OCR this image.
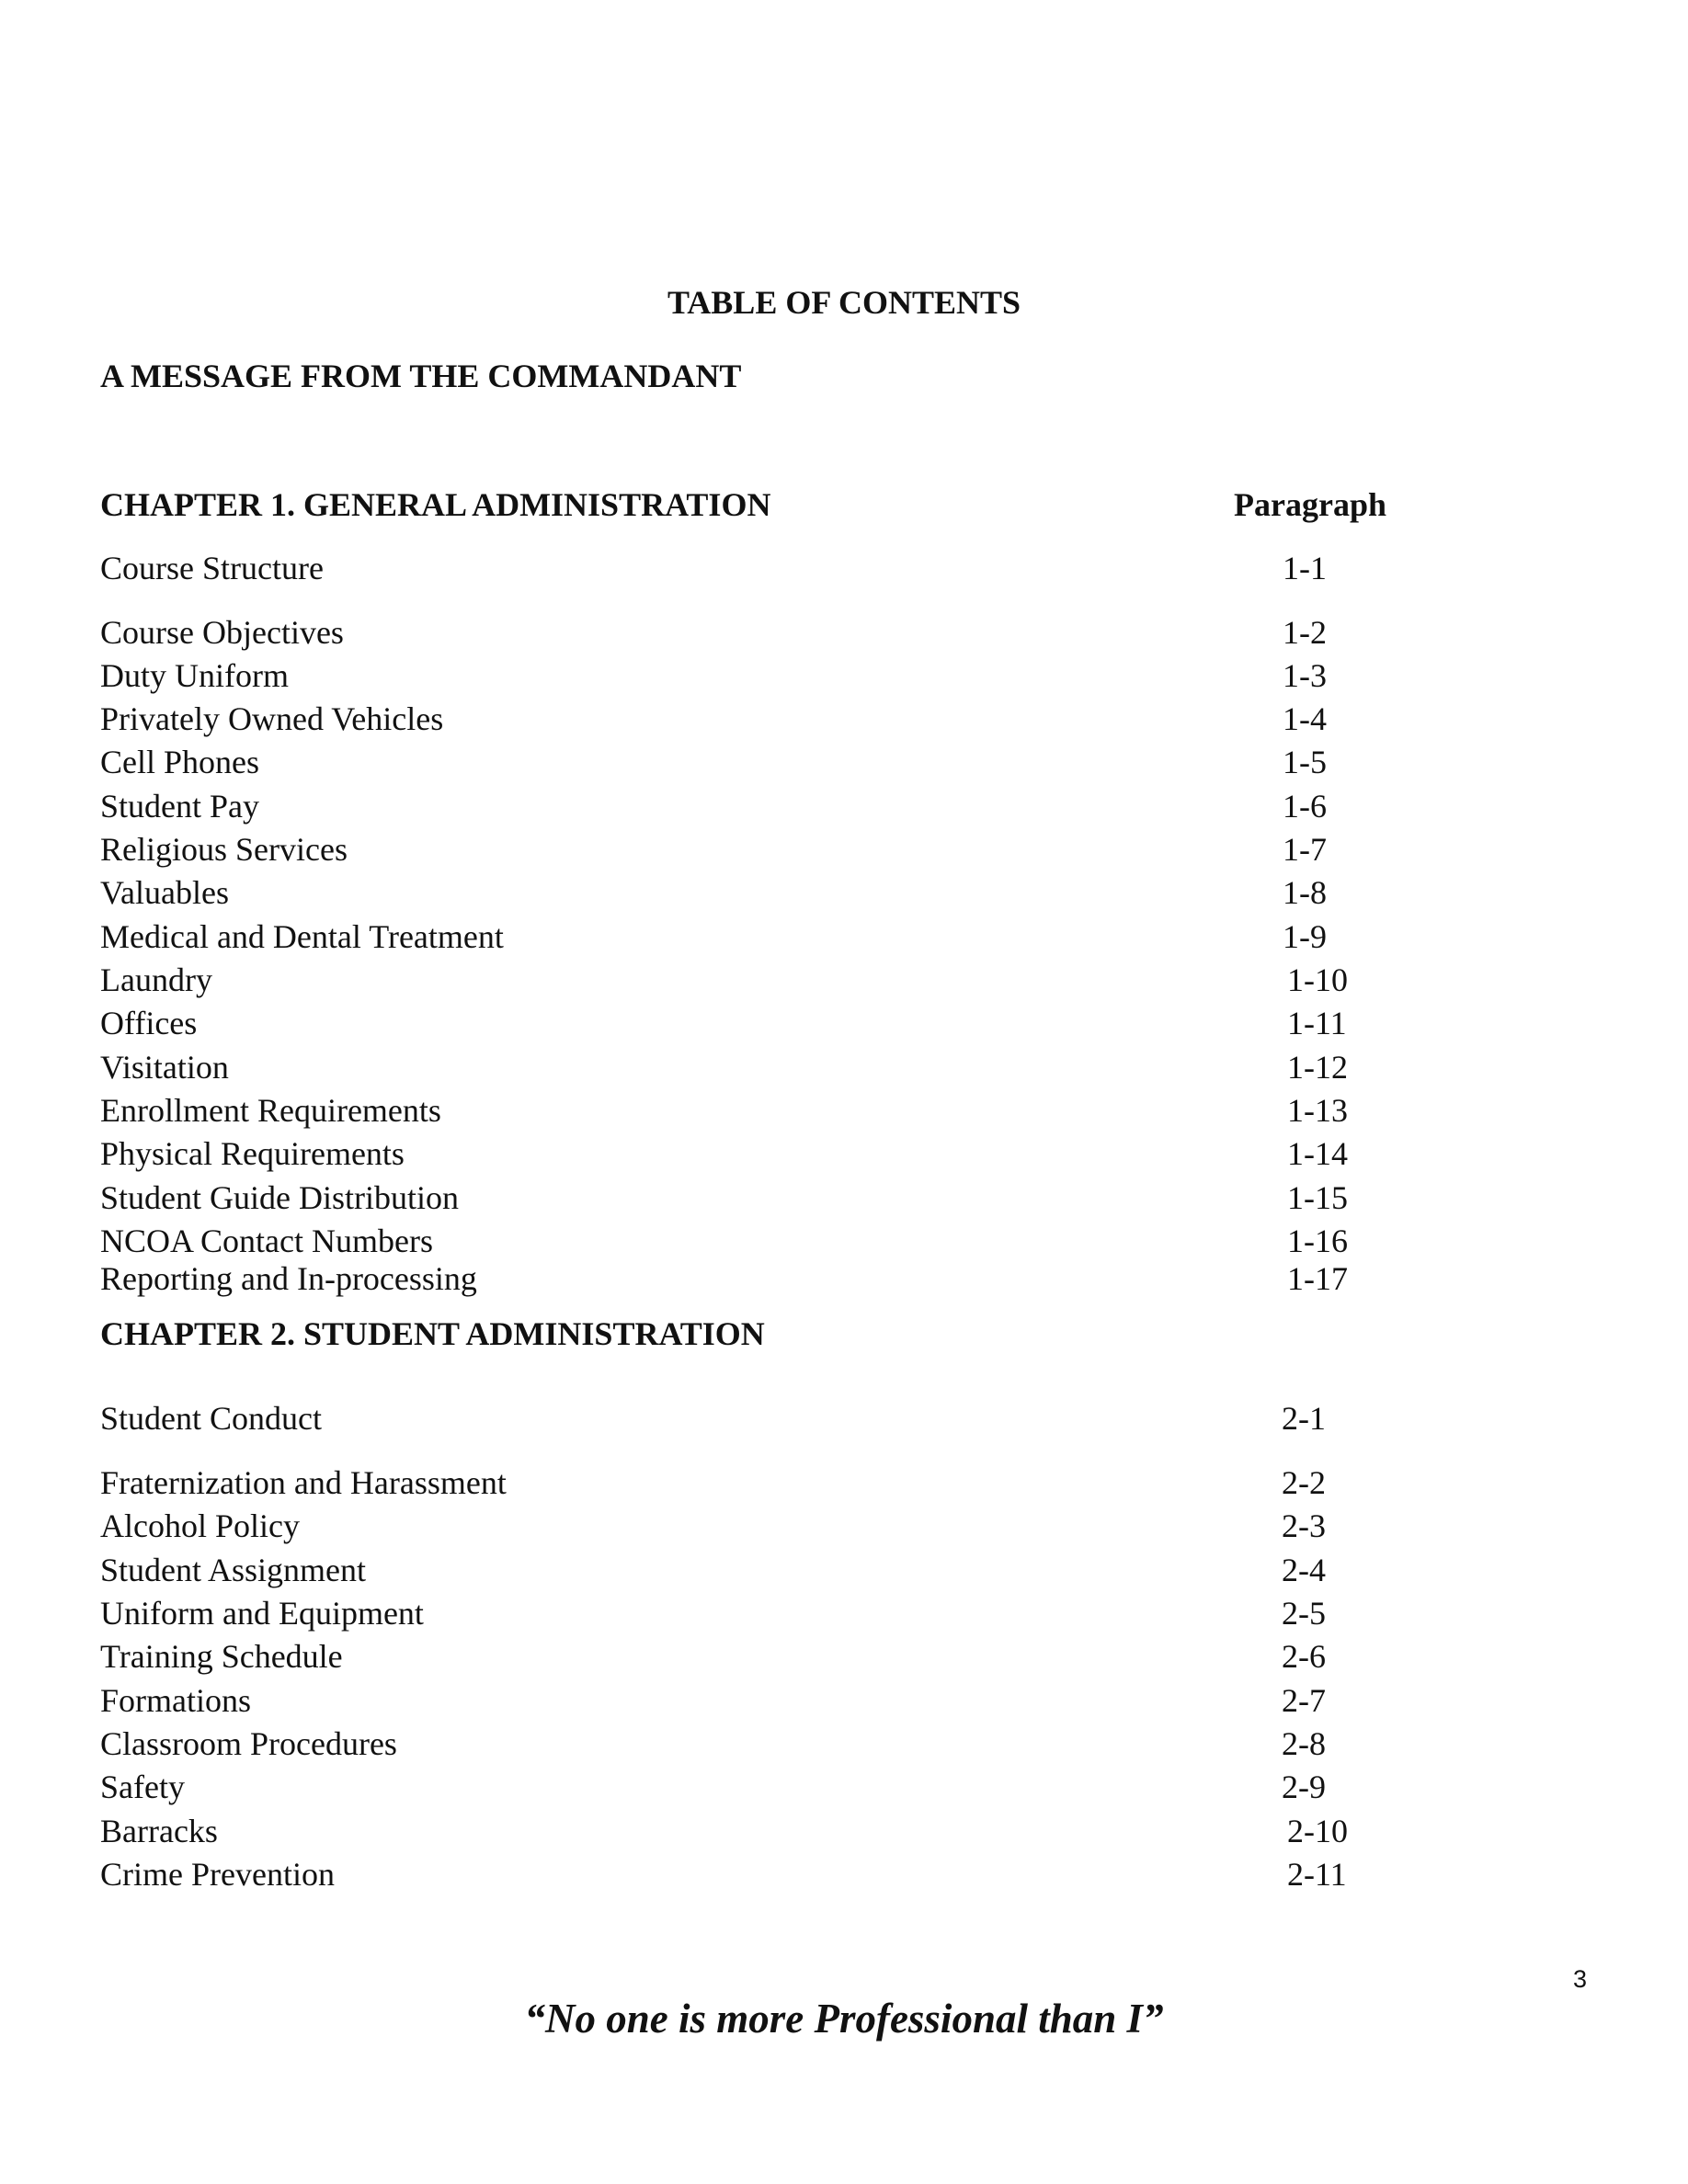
TABLE OF CONTENTS
A MESSAGE FROM THE COMMANDANT
CHAPTER 1. GENERAL ADMINISTRATION	Paragraph
Course Structure	1-1
Course Objectives	1-2
Duty Uniform	1-3
Privately Owned Vehicles	1-4
Cell Phones	1-5
Student Pay	1-6
Religious Services	1-7
Valuables	1-8
Medical and Dental Treatment	1-9
Laundry	1-10
Offices	1-11
Visitation	1-12
Enrollment Requirements	1-13
Physical Requirements	1-14
Student Guide Distribution	1-15
NCOA Contact Numbers	1-16
Reporting and In-processing	1-17
CHAPTER 2. STUDENT ADMINISTRATION
Student Conduct	2-1
Fraternization and Harassment	2-2
Alcohol Policy	2-3
Student Assignment	2-4
Uniform and Equipment	2-5
Training Schedule	2-6
Formations	2-7
Classroom Procedures	2-8
Safety	2-9
Barracks	2-10
Crime Prevention	2-11
3
“No one is more Professional than I”
